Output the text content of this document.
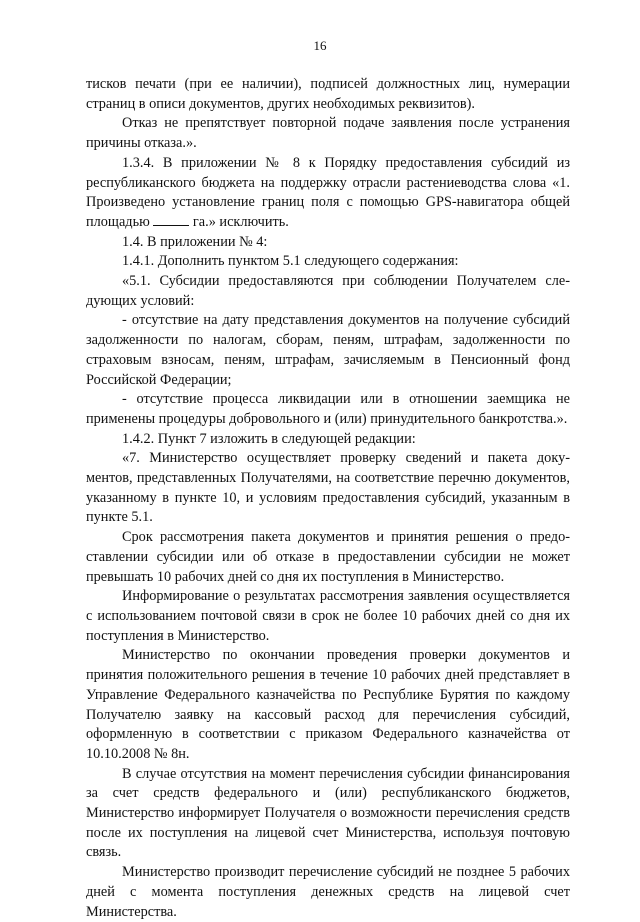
16

тисков печати (при ее наличии), подписей должностных лиц, нумерации страниц в описи документов, других необходимых реквизитов).

Отказ не препятствует повторной подаче заявления после устранения причины отказа.».

1.3.4. В приложении № 8 к Порядку предоставления субсидий из республиканского бюджета на поддержку отрасли растениеводства слова «1. Произведено установление границ поля с помощью GPS-навигатора общей площадью	га.» исключить.

1.4. В приложении № 4:

1.4.1. Дополнить пунктом 5.1 следующего содержания:

«5.1. Субсидии предоставляются при соблюдении Получателем следующих условий:

- отсутствие на дату представления документов на получение субсидий задолженности по налогам, сборам, пеням, штрафам, задолженности по страховым взносам, пеням, штрафам, зачисляемым в Пенсионный фонд Российской Федерации;

- отсутствие процесса ликвидации или в отношении заемщика не применены процедуры добровольного и (или) принудительного банкротства.».

1.4.2. Пункт 7 изложить в следующей редакции:

«7. Министерство осуществляет проверку сведений и пакета документов, представленных Получателями, на соответствие перечню документов, указанному в пункте 10, и условиям предоставления субсидий, указанным в пункте 5.1.

Срок рассмотрения пакета документов и принятия решения о предоставлении субсидии или об отказе в предоставлении субсидии не может превышать 10 рабочих дней со дня их поступления в Министерство.

Информирование о результатах рассмотрения заявления осуществляется с использованием почтовой связи в срок не более 10 рабочих дней со дня их поступления в Министерство.

Министерство по окончании проведения проверки документов и принятия положительного решения в течение 10 рабочих дней представляет в Управление Федерального казначейства по Республике Бурятия по каждому Получателю заявку на кассовый расход для перечисления субсидий, оформленную в соответствии с приказом Федерального казначейства от 10.10.2008 № 8н.

В случае отсутствия на момент перечисления субсидии финансирования за счет средств федерального и (или) республиканского бюджетов, Министерство информирует Получателя о возможности перечисления средств после их поступления на лицевой счет Министерства, используя почтовую связь.

Министерство производит перечисление субсидий не позднее 5 рабочих дней с момента поступления денежных средств на лицевой счет Министерства.
